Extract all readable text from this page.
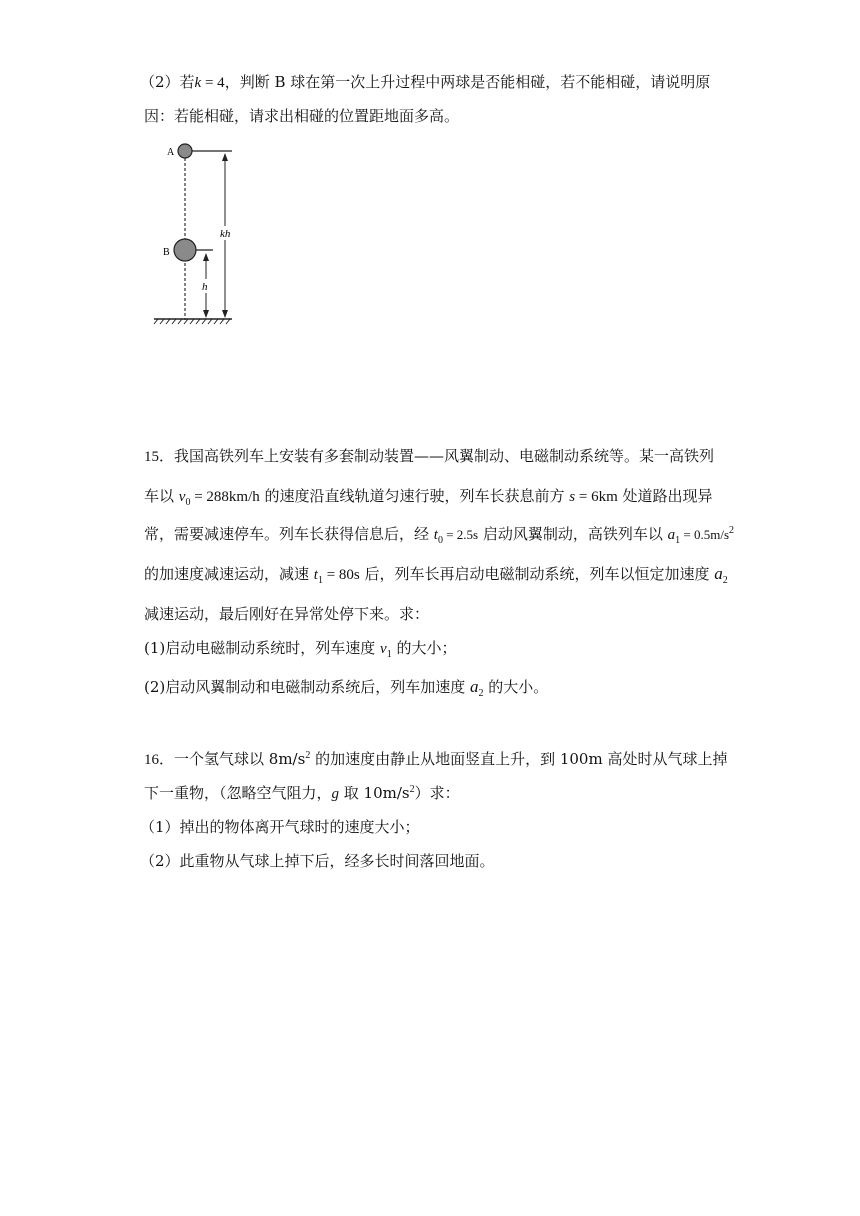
（2）若k = 4，判断 B 球在第一次上升过程中两球是否能相碰，若不能相碰，请说明原
因：若能相碰，请求出相碰的位置距地面多高。
A
B
kh
h
15．我国高铁列车上安装有多套制动装置——风翼制动、电磁制动系统等。某一高铁列
车以 $v_0 = 288km/h$ 的速度沿直线轨道匀速行驶，列车长获息前方 s = 6km 处道路出现异
常，需要减速停车。列车长获得信息后，经 $t_0 = 2.5s$ 启动风翼制动，高铁列车以 $a_1 = 0.5m/s^2$
的加速度减速运动，减速 $t_1 = 80s$ 后，列车长再启动电磁制动系统，列车以恒定加速度 $a_2$
减速运动，最后刚好在异常处停下来。求：
(1)启动电磁制动系统时，列车速度 $v_1$ 的大小；
(2)启动风翼制动和电磁制动系统后，列车加速度 $a_2$ 的大小。
16．一个氢气球以 $8m/s^2$ 的加速度由静止从地面竖直上升，到 100m 高处时从气球上掉
下一重物，（忽略空气阻力，g 取 $10m/s^2$）求：
（1）掉出的物体离开气球时的速度大小；
（2）此重物从气球上掉下后，经多长时间落回地面。
